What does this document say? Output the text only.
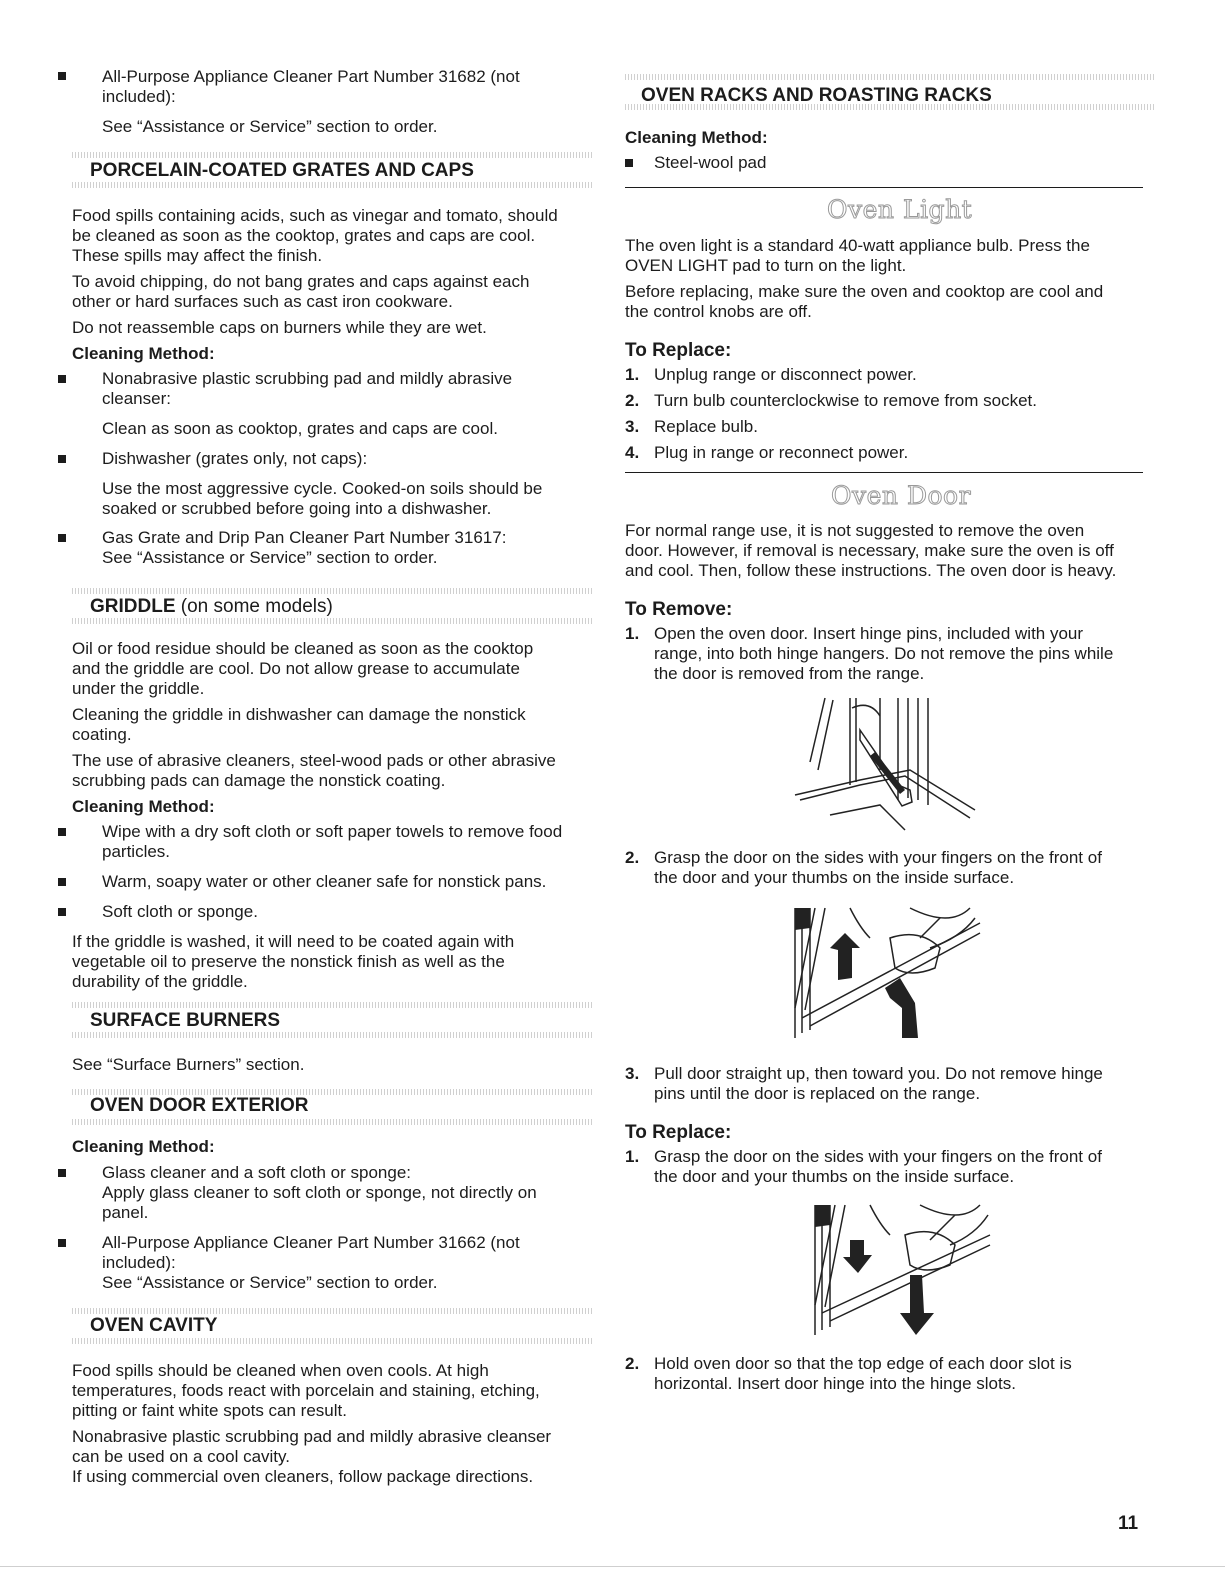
All-Purpose Appliance Cleaner Part Number 31682 (not

included):

See “Assistance or Service” section to order.

PORCELAIN-COATED GRATES AND CAPS

Food spills containing acids, such as vinegar and tomato, should

be cleaned as soon as the cooktop, grates and caps are cool.

These spills may affect the finish.

To avoid chipping, do not bang grates and caps against each

other or hard surfaces such as cast iron cookware.

Do not reassemble caps on burners while they are wet.

Cleaning Method:

Nonabrasive plastic scrubbing pad and mildly abrasive

cleanser:

Clean as soon as cooktop, grates and caps are cool.

Dishwasher (grates only, not caps):

Use the most aggressive cycle. Cooked-on soils should be

soaked or scrubbed before going into a dishwasher.

Gas Grate and Drip Pan Cleaner Part Number 31617:

See “Assistance or Service” section to order.

GRIDDLE (on some models)

Oil or food residue should be cleaned as soon as the cooktop

and the griddle are cool. Do not allow grease to accumulate

under the griddle.

Cleaning the griddle in dishwasher can damage the nonstick

coating.

The use of abrasive cleaners, steel-wood pads or other abrasive

scrubbing pads can damage the nonstick coating.

Cleaning Method:

Wipe with a dry soft cloth or soft paper towels to remove food

particles.

Warm, soapy water or other cleaner safe for nonstick pans.

Soft cloth or sponge.

If the griddle is washed, it will need to be coated again with

vegetable oil to preserve the nonstick finish as well as the

durability of the griddle.

SURFACE BURNERS

See “Surface Burners” section.

OVEN DOOR EXTERIOR

Cleaning Method:

Glass cleaner and a soft cloth or sponge:

Apply glass cleaner to soft cloth or sponge, not directly on

panel.

All-Purpose Appliance Cleaner Part Number 31662 (not

included):

See “Assistance or Service” section to order.

OVEN CAVITY

Food spills should be cleaned when oven cools. At high

temperatures, foods react with porcelain and staining, etching,

pitting or faint white spots can result.

Nonabrasive plastic scrubbing pad and mildly abrasive cleanser

can be used on a cool cavity.

If using commercial oven cleaners, follow package directions.

OVEN RACKS AND ROASTING RACKS

Cleaning Method:

Steel-wool pad

Oven Light

The oven light is a standard 40-watt appliance bulb. Press the

OVEN LIGHT pad to turn on the light.

Before replacing, make sure the oven and cooktop are cool and

the control knobs are off.

To Replace:

1. Unplug range or disconnect power.

2. Turn bulb counterclockwise to remove from socket.

3. Replace bulb.

4. Plug in range or reconnect power.

Oven Door

For normal range use, it is not suggested to remove the oven

door. However, if removal is necessary, make sure the oven is off

and cool. Then, follow these instructions. The oven door is heavy.

To Remove:

1. Open the oven door. Insert hinge pins, included with your

range, into both hinge hangers. Do not remove the pins while

the door is removed from the range.

2. Grasp the door on the sides with your fingers on the front of

the door and your thumbs on the inside surface.

3. Pull door straight up, then toward you. Do not remove hinge

pins until the door is replaced on the range.

To Replace:

1. Grasp the door on the sides with your fingers on the front of

the door and your thumbs on the inside surface.

2. Hold oven door so that the top edge of each door slot is

horizontal. Insert door hinge into the hinge slots.

11
